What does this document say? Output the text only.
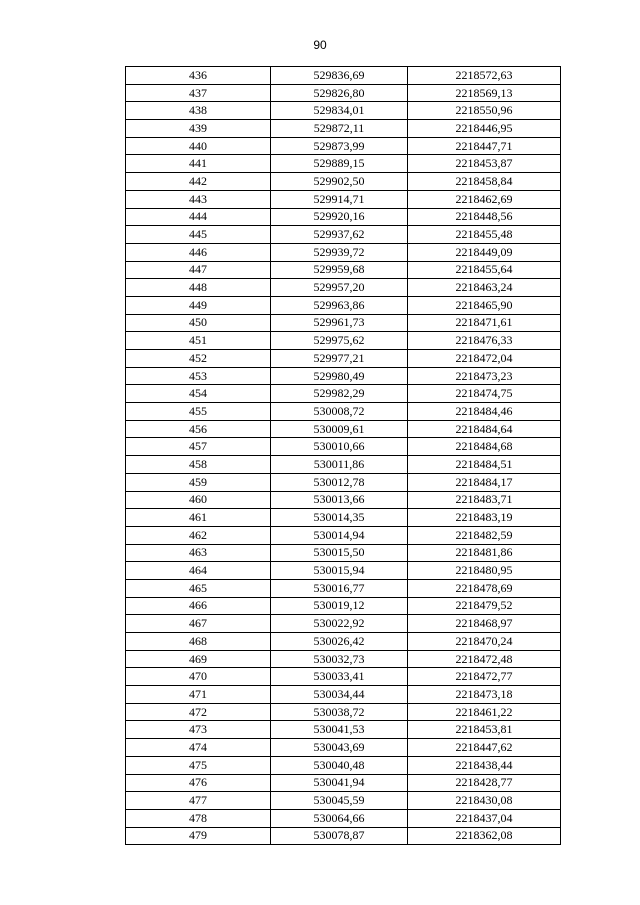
90
436	529836,69	2218572,63
437	529826,80	2218569,13
438	529834,01	2218550,96
439	529872,11	2218446,95
440	529873,99	2218447,71
441	529889,15	2218453,87
442	529902,50	2218458,84
443	529914,71	2218462,69
444	529920,16	2218448,56
445	529937,62	2218455,48
446	529939,72	2218449,09
447	529959,68	2218455,64
448	529957,20	2218463,24
449	529963,86	2218465,90
450	529961,73	2218471,61
451	529975,62	2218476,33
452	529977,21	2218472,04
453	529980,49	2218473,23
454	529982,29	2218474,75
455	530008,72	2218484,46
456	530009,61	2218484,64
457	530010,66	2218484,68
458	530011,86	2218484,51
459	530012,78	2218484,17
460	530013,66	2218483,71
461	530014,35	2218483,19
462	530014,94	2218482,59
463	530015,50	2218481,86
464	530015,94	2218480,95
465	530016,77	2218478,69
466	530019,12	2218479,52
467	530022,92	2218468,97
468	530026,42	2218470,24
469	530032,73	2218472,48
470	530033,41	2218472,77
471	530034,44	2218473,18
472	530038,72	2218461,22
473	530041,53	2218453,81
474	530043,69	2218447,62
475	530040,48	2218438,44
476	530041,94	2218428,77
477	530045,59	2218430,08
478	530064,66	2218437,04
479	530078,87	2218362,08
